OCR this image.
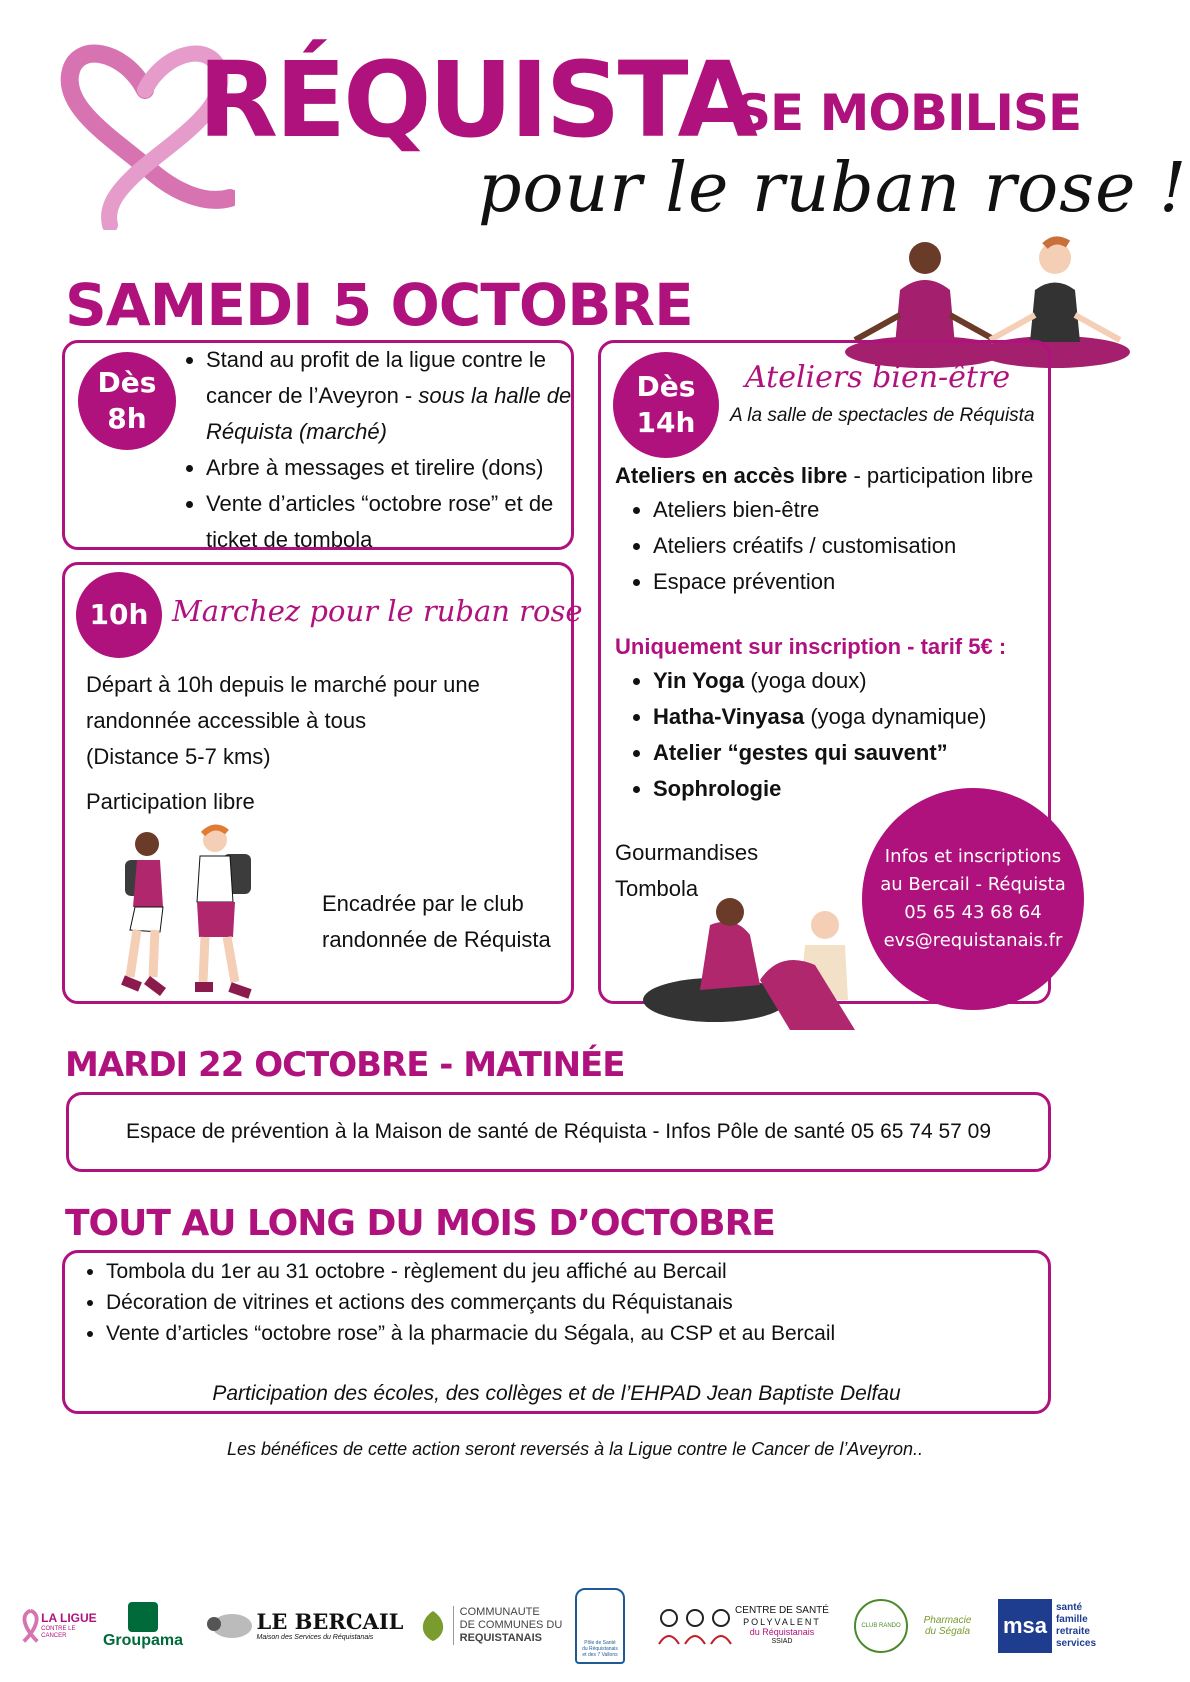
RÉQUISTA
SE MOBILISE
pour le ruban rose !
SAMEDI 5 OCTOBRE
Dès
8h
• Stand au profit de la ligue contre le cancer de l’Aveyron - sous la halle de Réquista (marché)
• Arbre à messages et tirelire (dons)
• Vente d’articles “octobre rose” et de ticket de tombola
10h Marchez pour le ruban rose
Départ à 10h depuis le marché pour une
randonnée accessible à tous
(Distance 5-7 kms)
Participation libre
Encadrée par le club
randonnée de Réquista
Dès
14h
Ateliers bien-être
A la salle de spectacles de Réquista
Ateliers en accès libre - participation libre
• Ateliers bien-être
• Ateliers créatifs / customisation
• Espace prévention
Uniquement sur inscription - tarif 5€ :
• Yin Yoga (yoga doux)
• Hatha-Vinyasa (yoga dynamique)
• Atelier “gestes qui sauvent”
• Sophrologie
Gourmandises
Tombola
Infos et inscriptions
au Bercail - Réquista
05 65 43 68 64
evs@requistanais.fr
MARDI 22 OCTOBRE - MATINÉE
Espace de prévention à la Maison de santé de Réquista - Infos Pôle de santé 05 65 74 57 09
TOUT AU LONG DU MOIS D’OCTOBRE
• Tombola du 1er au 31 octobre - règlement du jeu affiché au Bercail
• Décoration de vitrines et actions des commerçants du Réquistanais
• Vente d’articles “octobre rose” à la pharmacie du Ségala, au CSP et au Bercail
Participation des écoles, des collèges et de l’EHPAD Jean Baptiste Delfau
Les bénéfices de cette action seront reversés à la Ligue contre le Cancer de l’Aveyron..
LA LIGUE
CONTRE LE CANCER	Groupama
LE BERCAIL
Maison des Services du Réquistanais
COMMUNAUTE
DE COMMUNES DU
REQUISTANAIS	Pôle de Santé
du Réquistanais
et des 7 Vallons
CENTRE DE SANTÉ
POLYVALENT
du Réquistanais
SSIAD
CLUB RANDO	Pharmacie
du Ségala msa
santé
famille
retraite
services
